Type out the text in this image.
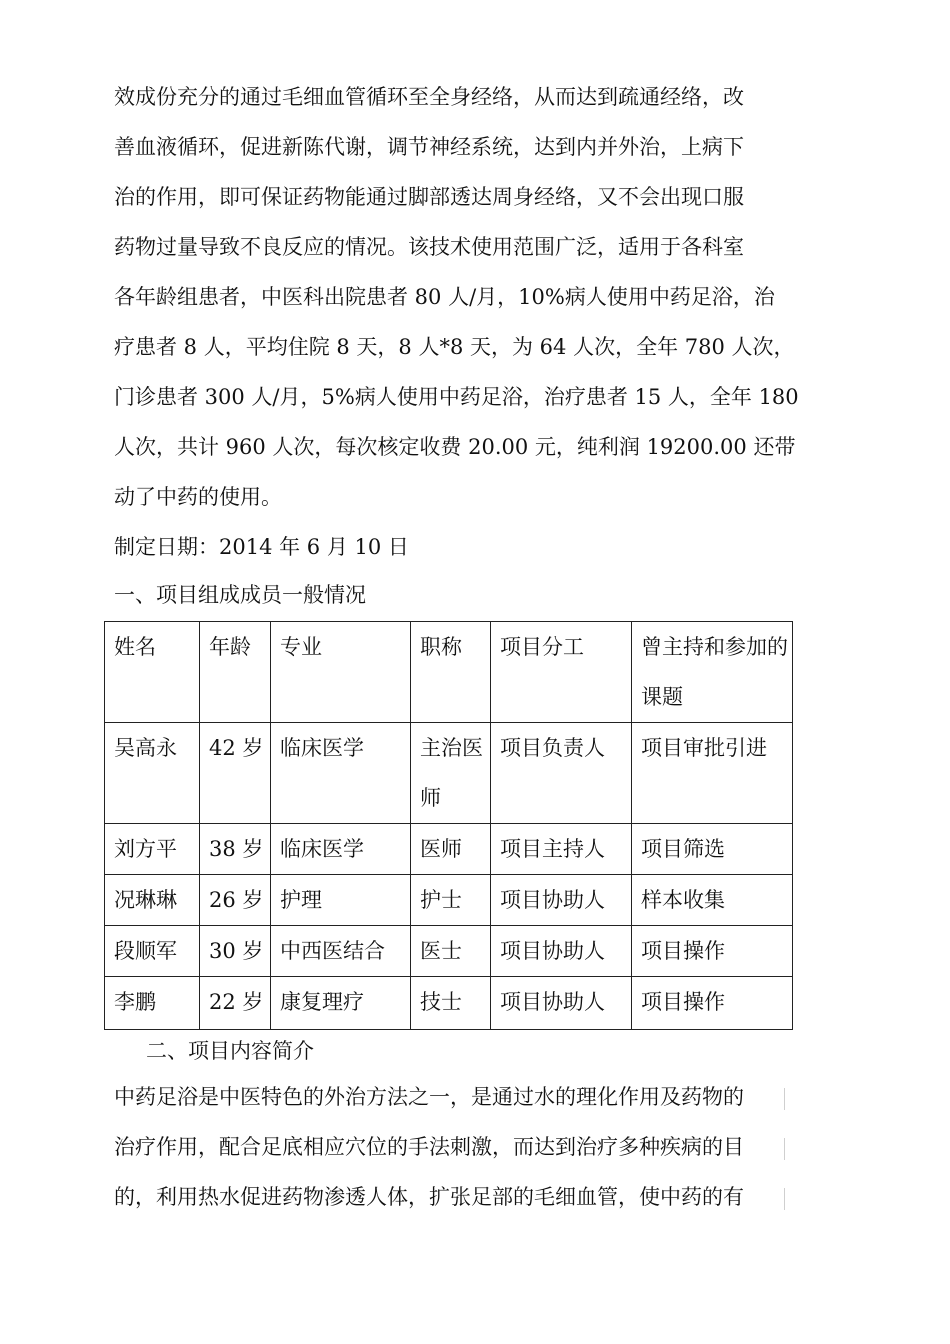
效成份充分的通过毛细血管循环至全身经络，从而达到疏通经络，改
善血液循环，促进新陈代谢，调节神经系统，达到内并外治，上病下
治的作用，即可保证药物能通过脚部透达周身经络，又不会出现口服
药物过量导致不良反应的情况。该技术使用范围广泛，适用于各科室
各年龄组患者，中医科出院患者 80 人/月，10%病人使用中药足浴，治
疗患者 8 人，平均住院 8 天，8 人*8 天，为 64 人次，全年 780 人次，
门诊患者 300 人/月，5%病人使用中药足浴，治疗患者 15 人，全年 180
人次，共计 960 人次，每次核定收费 20.00 元，纯利润 19200.00 还带
动了中药的使用。
制定日期：2014 年 6 月 10 日
一、项目组成成员一般情况
姓名	年龄	专业	职称	项目分工	曾主持和参加的课题
吴高永	42 岁	临床医学	主治医师	项目负责人	项目审批引进
刘方平	38 岁	临床医学	医师	项目主持人	项目筛选
况琳琳	26 岁	护理	护士	项目协助人	样本收集
段顺军	30 岁	中西医结合	医士	项目协助人	项目操作
李鹏	22 岁	康复理疗	技士	项目协助人	项目操作
二、项目内容简介
中药足浴是中医特色的外治方法之一，是通过水的理化作用及药物的
治疗作用，配合足底相应穴位的手法刺激，而达到治疗多种疾病的目
的，利用热水促进药物渗透人体，扩张足部的毛细血管，使中药的有
